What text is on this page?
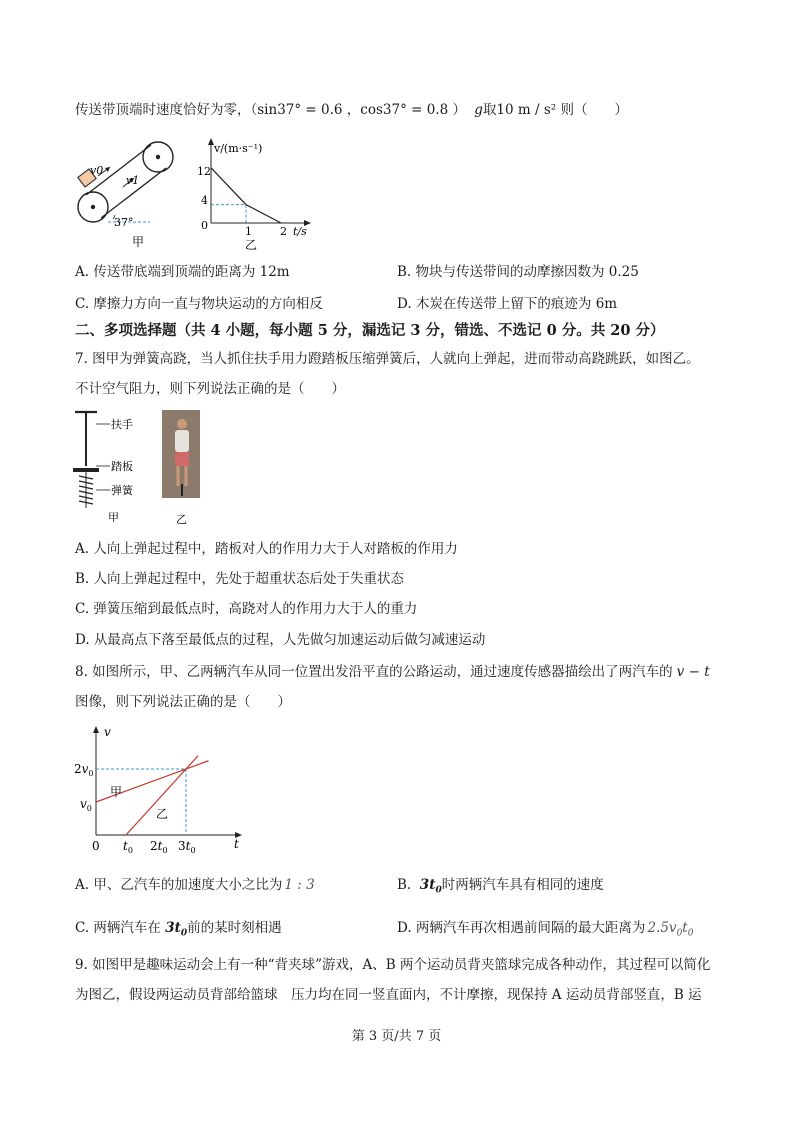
传送带顶端时速度恰好为零，（sin37° = 0.6 ，cos37° = 0.8 ） g取10 m / s² 则（　　）
v0
v1
37°
甲
v/(m·s⁻¹)
t/s
12
4
0	1	2
乙
A. 传送带底端到顶端的距离为 12m	B. 物块与传送带间的动摩擦因数为 0.25
C. 摩擦力方向一直与物块运动的方向相反	D. 木炭在传送带上留下的痕迹为 6m
二、多项选择题（共 4 小题，每小题 5 分，漏选记 3 分，错选、不选记 0 分。共 20 分）
7. 图甲为弹簧高跷，当人抓住扶手用力蹬踏板压缩弹簧后，人就向上弹起，进而带动高跷跳跃，如图乙。
不计空气阻力，则下列说法正确的是（　　）
扶手
踏板
弹簧
甲	乙
A. 人向上弹起过程中，踏板对人的作用力大于人对踏板的作用力
B. 人向上弹起过程中，先处于超重状态后处于失重状态
C. 弹簧压缩到最低点时，高跷对人的作用力大于人的重力
D. 从最高点下落至最低点的过程，人先做匀加速运动后做匀减速运动
8. 如图所示，甲、乙两辆汽车从同一位置出发沿平直的公路运动，通过速度传感器描绘出了两汽车的 v − t
图像，则下列说法正确的是（　　）
v
t
$2v_0$
$v_0$
0 $t_0$ $2t_0$ $3t_0$
甲
乙
A. 甲、乙汽车的加速度大小之比为 1 : 3	B.  $3t_0$时两辆汽车具有相同的速度
C. 两辆汽车在 $3t_0$前的某时刻相遇	D. 两辆汽车再次相遇前间隔的最大距离为 $2.5v_0t_0$
9. 如图甲是趣味运动会上有一种“背夹球”游戏，A、B 两个运动员背夹篮球完成各种动作，其过程可以简化
为图乙，假设两运动员背部给篮球　压力均在同一竖直面内，不计摩擦，现保持 A 运动员背部竖直，B 运
第 3 页/共 7 页
